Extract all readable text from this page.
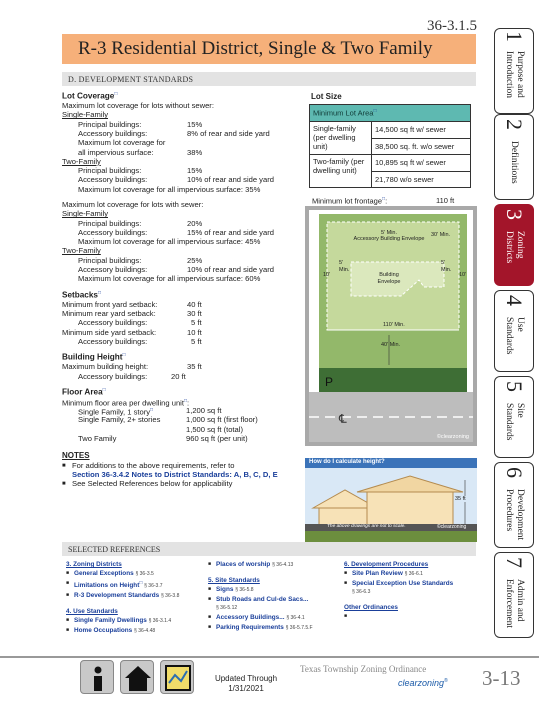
36-3.1.5
R-3 Residential District, Single & Two Family
D. DEVELOPMENT STANDARDS
Lot Coverage□
Maximum lot coverage for lots without sewer:
Single-Family
Principal buildings:	15%
Accessory buildings:	8% of rear and side yard
Maximum lot coverage for
all impervious surface:	38%
Two-Family
Principal buildings:	15%
Accessory buildings:	10% of rear and side yard
Maximum lot coverage for all impervious surface: 35%
Maximum lot coverage for lots with sewer:
Single-Family
Principal buildings:	20%
Accessory buildings:	15% of rear and side yard
Maximum lot coverage for all impervious surface: 45%
Two-Family
Principal buildings:	25%
Accessory buildings:	10% of rear and side yard
Maximum lot coverage for all impervious surface: 60%
Setbacks□
Minimum front yard setback:	40 ft
Minimum rear yard setback:	30 ft
Accessory buildings:	5 ft
Minimum side yard setback:	10 ft
Accessory buildings:	5 ft
Building Height□
Maximum building height:	35 ft
Accessory buildings:	20 ft
Floor Area□
Minimum floor area per dwelling unit□:
Single Family, 1 story□	1,200 sq ft
Single Family, 2+ stories	1,000 sq ft (first floor)
1,500 sq ft (total)
Two Family	960 sq ft (per unit)
NOTES
■ For additions to the above requirements, refer to
Section 36-3.4.2 Notes to District Standards: A, B, C, D, E
■ See Selected References below for applicability
Lot Size
Minimum Lot Area□
Single-family (per dwelling unit)
14,500 sq ft w/ sewer
38,500 sq. ft. w/o sewer
Two-family (per dwelling unit)
10,895 sq ft w/ sewer
21,780 w/o sewer
Minimum lot frontage□:	110 ft
P
℄
5' Min.
Accessory Building Envelope
30' Min.
5'
Min.
5'
Min.
10'	10'
Building
Envelope
110' Min.
40' Min.
©clearzoning
How do I calculate height?
35 ft
The above drawings are not to scale.	©clearzoning
SELECTED REFERENCES
3. Zoning Districts
■ General Exceptions § 36-3.5
■ Limitations on Height□ § 36-3.7
■ R-3 Development Standards § 36-3.8
4. Use Standards
■ Single Family Dwellings § 36-3.1.4
■ Home Occupations § 36-4.48
■ Places of worship § 36-4.13
5. Site Standards
■ Signs § 36-5.8
■ Stub Roads and Cul-de Sacs...
§ 36-5.12
■ Accessory Buildings... § 36-4.1
■ Parking Requirements § 36-5.7.5.F
6. Development Procedures
■ Site Plan Review § 36-6.1
■ Special Exception Use Standards
§ 36-6.3
Other Ordinances
1
Purpose and
Introduction
2
Definitions
3
Zoning
Districts
4
Use
Standards
5
Site
Standards
6
Development
Procedures
7
Admin and
Enforcement
Updated Through
1/31/2021
Texas Township Zoning Ordinance
clearzoning® 3-13
